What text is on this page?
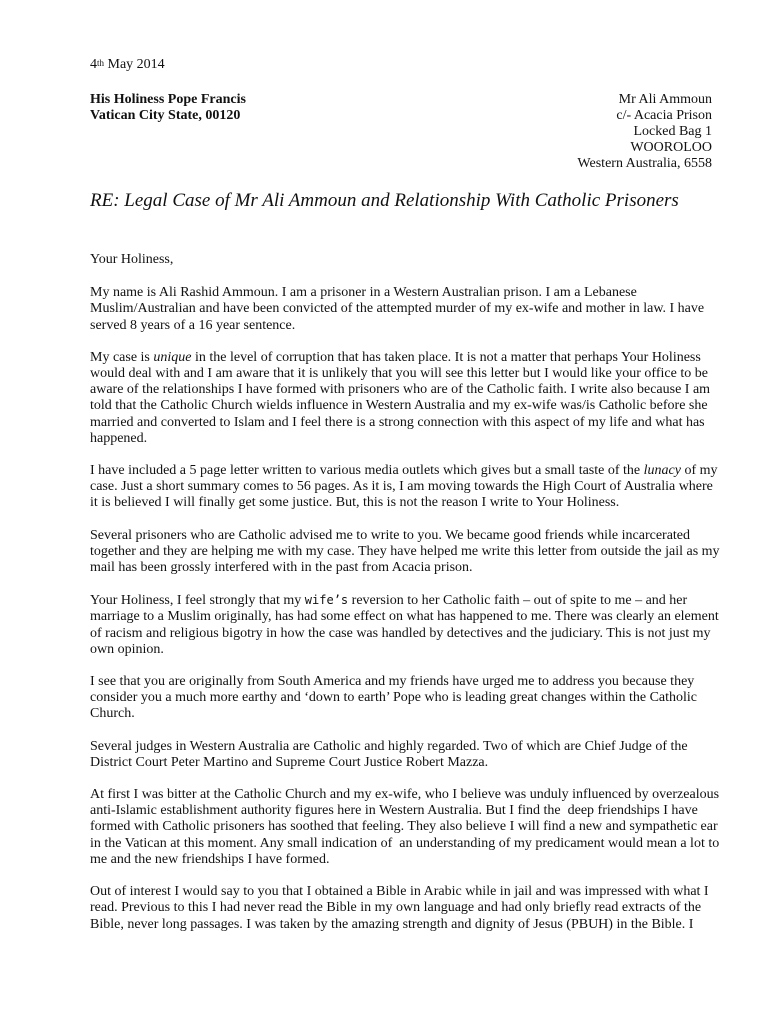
4th May 2014
His Holiness Pope Francis
Vatican City State, 00120
Mr Ali Ammoun
c/- Acacia Prison
Locked Bag 1
WOOROLOO
Western Australia, 6558
RE: Legal Case of Mr Ali Ammoun and Relationship With Catholic Prisoners

Your Holiness,

My name is Ali Rashid Ammoun. I am a prisoner in a Western Australian prison. I am a Lebanese Muslim/Australian and have been convicted of the attempted murder of my ex-wife and mother in law. I have served 8 years of a 16 year sentence.

My case is unique in the level of corruption that has taken place. It is not a matter that perhaps Your Holiness would deal with and I am aware that it is unlikely that you will see this letter but I would like your office to be aware of the relationships I have formed with prisoners who are of the Catholic faith. I write also because I am told that the Catholic Church wields influence in Western Australia and my ex-wife was/is Catholic before she married and converted to Islam and I feel there is a strong connection with this aspect of my life and what has happened.

I have included a 5 page letter written to various media outlets which gives but a small taste of the lunacy of my case. Just a short summary comes to 56 pages. As it is, I am moving towards the High Court of Australia where it is believed I will finally get some justice. But, this is not the reason I write to Your Holiness.

Several prisoners who are Catholic advised me to write to you. We became good friends while incarcerated together and they are helping me with my case. They have helped me write this letter from outside the jail as my mail has been grossly interfered with in the past from Acacia prison.

Your Holiness, I feel strongly that my wife’s reversion to her Catholic faith – out of spite to me – and her marriage to a Muslim originally, has had some effect on what has happened to me. There was clearly an element of racism and religious bigotry in how the case was handled by detectives and the judiciary. This is not just my own opinion.

I see that you are originally from South America and my friends have urged me to address you because they consider you a much more earthy and ‘down to earth’ Pope who is leading great changes within the Catholic Church.

Several judges in Western Australia are Catholic and highly regarded. Two of which are Chief Judge of the District Court Peter Martino and Supreme Court Justice Robert Mazza.

At first I was bitter at the Catholic Church and my ex-wife, who I believe was unduly influenced by overzealous anti-Islamic establishment authority figures here in Western Australia. But I find the  deep friendships I have formed with Catholic prisoners has soothed that feeling. They also believe I will find a new and sympathetic ear in the Vatican at this moment. Any small indication of  an understanding of my predicament would mean a lot to me and the new friendships I have formed.

Out of interest I would say to you that I obtained a Bible in Arabic while in jail and was impressed with what I read. Previous to this I had never read the Bible in my own language and had only briefly read extracts of the Bible, never long passages. I was taken by the amazing strength and dignity of Jesus (PBUH) in the Bible. I
